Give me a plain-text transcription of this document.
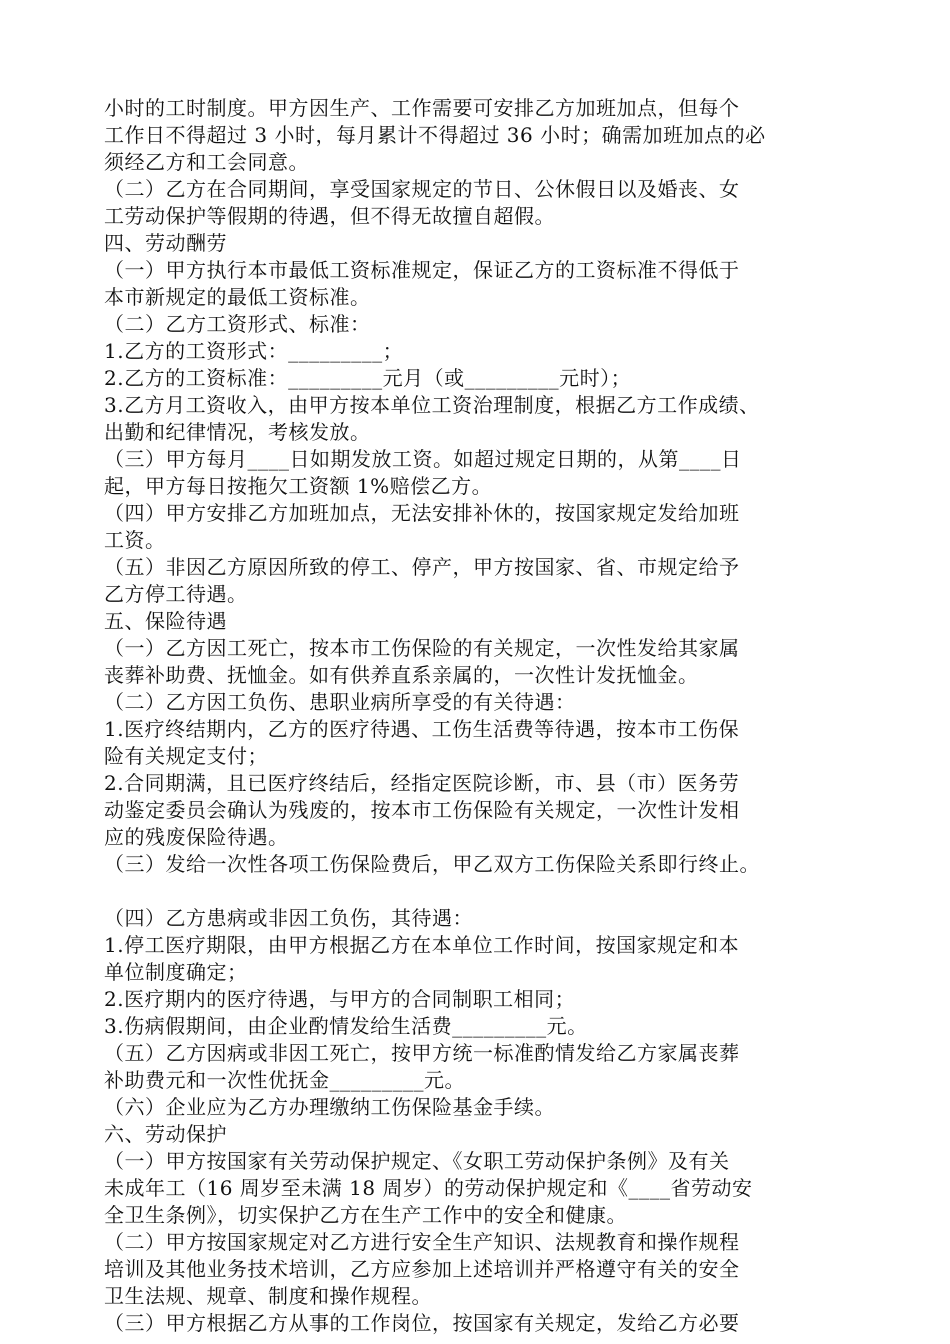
小时的工时制度。甲方因生产、工作需要可安排乙方加班加点，但每个
工作日不得超过 3 小时，每月累计不得超过 36 小时；确需加班加点的必
须经乙方和工会同意。
（二）乙方在合同期间，享受国家规定的节日、公休假日以及婚丧、女
工劳动保护等假期的待遇，但不得无故擅自超假。
四、劳动酬劳
（一）甲方执行本市最低工资标准规定，保证乙方的工资标准不得低于
本市新规定的最低工资标准。
（二）乙方工资形式、标准：
1.乙方的工资形式：_________；
2.乙方的工资标准：_________元月（或_________元时）；
3.乙方月工资收入，由甲方按本单位工资治理制度，根据乙方工作成绩、
出勤和纪律情况，考核发放。
（三）甲方每月____日如期发放工资。如超过规定日期的，从第____日
起，甲方每日按拖欠工资额 1%赔偿乙方。
（四）甲方安排乙方加班加点，无法安排补休的，按国家规定发给加班
工资。
（五）非因乙方原因所致的停工、停产，甲方按国家、省、市规定给予
乙方停工待遇。
五、保险待遇
（一）乙方因工死亡，按本市工伤保险的有关规定，一次性发给其家属
丧葬补助费、抚恤金。如有供养直系亲属的，一次性计发抚恤金。
（二）乙方因工负伤、患职业病所享受的有关待遇：
1.医疗终结期内，乙方的医疗待遇、工伤生活费等待遇，按本市工伤保
险有关规定支付；
2.合同期满，且已医疗终结后，经指定医院诊断，市、县（市）医务劳
动鉴定委员会确认为残废的，按本市工伤保险有关规定，一次性计发相
应的残废保险待遇。
（三）发给一次性各项工伤保险费后，甲乙双方工伤保险关系即行终止。
（四）乙方患病或非因工负伤，其待遇：
1.停工医疗期限，由甲方根据乙方在本单位工作时间，按国家规定和本
单位制度确定；
2.医疗期内的医疗待遇，与甲方的合同制职工相同；
3.伤病假期间，由企业酌情发给生活费_________元。
（五）乙方因病或非因工死亡，按甲方统一标准酌情发给乙方家属丧葬
补助费元和一次性优抚金_________元。
（六）企业应为乙方办理缴纳工伤保险基金手续。
六、劳动保护
（一）甲方按国家有关劳动保护规定、《女职工劳动保护条例》及有关
未成年工（16 周岁至未满 18 周岁）的劳动保护规定和《____省劳动安
全卫生条例》，切实保护乙方在生产工作中的安全和健康。
（二）甲方按国家规定对乙方进行安全生产知识、法规教育和操作规程
培训及其他业务技术培训，乙方应参加上述培训并严格遵守有关的安全
卫生法规、规章、制度和操作规程。
（三）甲方根据乙方从事的工作岗位，按国家有关规定，发给乙方必要
